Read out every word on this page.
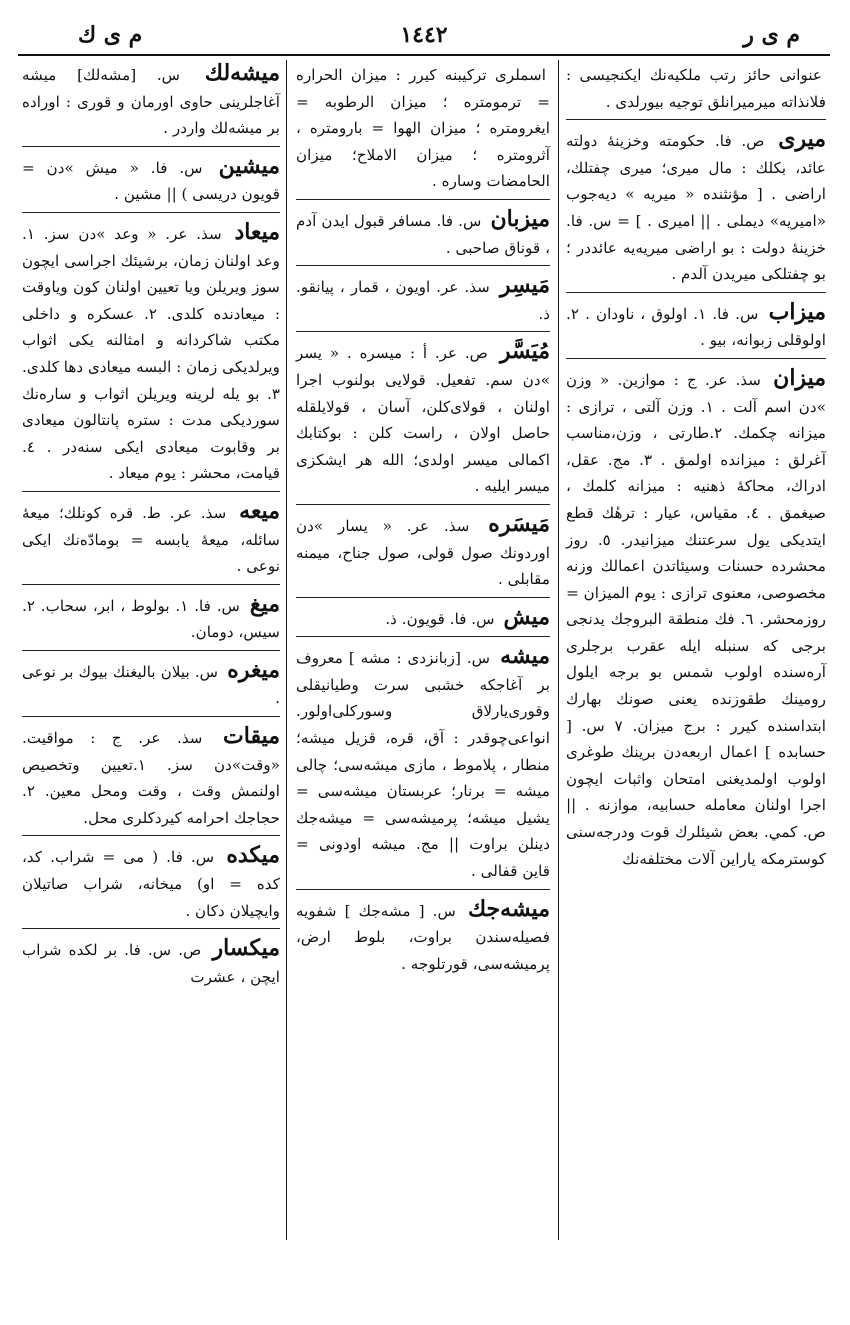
م ی ر
١٤٤٢
م ی ك
عنوانى حائز رتب ملكيه‌نك ايكنجيسى : فلانذاته ميرميرانلق توجيه بيورلدى .
ميرى ص. فا. حكومته وخزينهٔ دولته عائد، بكلك : مال ميرى؛ ميرى چفتلك، اراضى . [ مؤنثنده « ميريه » ديه‌‌جوب «اميريه» ديملى . || اميرى . ] = س. فا. خزينهٔ دولت : بو اراضى ميريه‌يه عائددر ؛ بو چفتلكى ميريدن آلدم .
ميزاب س. فا. ١. اولوق ، ناودان . ٢. اولوقلى زبوانه، بيو .
ميزان سذ. عر. ج : موازين. « وزن »دن اسم آلت . ١. وزن آلتى ، ترازى : ميزانه چكمك. ٢.طارتى ، وزن،مناسب آغرلق : ميزانده اولمق . ٣. مج. عقل، ادراك، محاكهٔ ذهنيه : ميزانه كلمك ، صيغمق . ٤. مقياس، عيار : ترهٔك قطع ايتديكى يول سرعتنك ميزانيدر. ٥. روز محشرده حسنات وسيئاتدن اعمالك وزنه مخصوصى، معنوى ترازى : يوم الميزان = روزمحشر. ٦. فك منطقة البروجك يدنجى برجى كه سنبله ايله عقرب برجلرى آره‌سنده اولوب شمس بو برجه ايلول رومينك طقوزنده يعنى صونك بهارك ابتداسنده كيرر : برج ميزان. ٧ س. [ حسابده ] اعمال اربعه‌دن برينك طوغرى اولوب اولمديغنى امتحان واثبات ايچون اجرا اولنان معامله حسابيه، موازنه . || ص. كمي. بعض شيئلرك قوت ودرجه‌سنى كوسترمكه ياراين آلات مختلفه‌نك
اسملرى تركيبنه كيرر : ميزان الحراره = ترمومتره ؛ ميزان الرطوبه = ايغرومتره ؛ ميزان الهوا = بارومتره ، آثرومتره ؛ ميزان الاملاح؛ ميزان الحامضات وساره .
ميزبان س. فا. مسافر قبول ايدن آدم ، قوناق صاحبى .
مَيسِر سذ. عر. اويون ، قمار ، پيانقو. ذ.
مُيَسَّر ص. عر. أ : ميسره . « يسر »دن سم. تفعيل. قولايى بولنوب اجرا اولنان ، قولاى‌كلن، آسان ، قولايلقله حاصل اولان ، راست كلن : بوكتابك اكمالى ميسر اولدى؛ الله هر ايشكزى ميسر ايليه .
مَيسَره سذ. عر. « يسار »دن اوردونك صول قولى، صول جناح، ميمنه مقابلى .
ميش س. فا. قويون. ذ.
ميشه س. [زبانزدى : مشه ] معروف بر آغاجكه خشبى سرت وطيانيقلى وقورى‌يارلاق وسوركلى‌اولور. انواعى‌چوقدر : آق، قره، قزيل ميشه؛ منطار ، پلاموط ، مازى ميشه‌سى؛ چالى ميشه = برنار؛ عربستان ميشه‌سى = يشيل ميشه؛ پرميشه‌سى = ميشه‌جك دينلن براوت || مج. ميشه اودونى = قاين قفالى .
ميشه‌جك س. [ مشه‌جك ] شفويه فصيله‌سندن براوت، بلوط ارض، پرميشه‌سى، قورتلوجه .
ميشه‌لك س. [مشه‌لك] ميشه آغاجلرينى حاوى اورمان و قورى : اوراده بر ميشه‌لك واردر .
ميشين س. فا. « ميش »دن = قويون دريسى ) || مشين .
ميعاد سذ. عر. « وعد »دن سز. ١. وعد اولنان زمان، برشيئك اجراسى ايچون سوز ويريلن ويا تعيين اولنان كون وياوقت : ميعادنده كلدى. ٢. عسكره و داخلى مكتب شاكردانه و امثالنه يكى اثواب ويرلديكى زمان : البسه ميعادى دها كلدى. ٣. بو يله لرينه ويريلن اثواب و ساره‌نك سورديكى مدت : ستره پانتالون ميعادى بر وقابوت ميعادى ايكى سنه‌در . ٤. قيامت، محشر : يوم ميعاد .
ميعه سذ. عر. ط. قره كونلك؛ ميعهٔ سائله، ميعهٔ يابسه = بومادّه‌نك ايكى نوعى .
ميغ س. فا. ١. بولوط ، ابر، سحاب. ٢. سيس، دومان.
ميغره س. بيلان باليغنك بيوك بر نوعى .
ميقات سذ. عر. ج : مواقيت. «وقت»دن سز. ١.تعيين وتخصيص اولنمش وقت ، وقت ومحل معين. ٢. حجاجك احرامه كيردكلرى محل.
ميكده س. فا. ( مى = شراب. كد، كده = او) ميخانه، شراب صاتيلان وايچيلان دكان .
ميكسار ص. س. فا. بر لكده شراب ايچن ، عشرت
